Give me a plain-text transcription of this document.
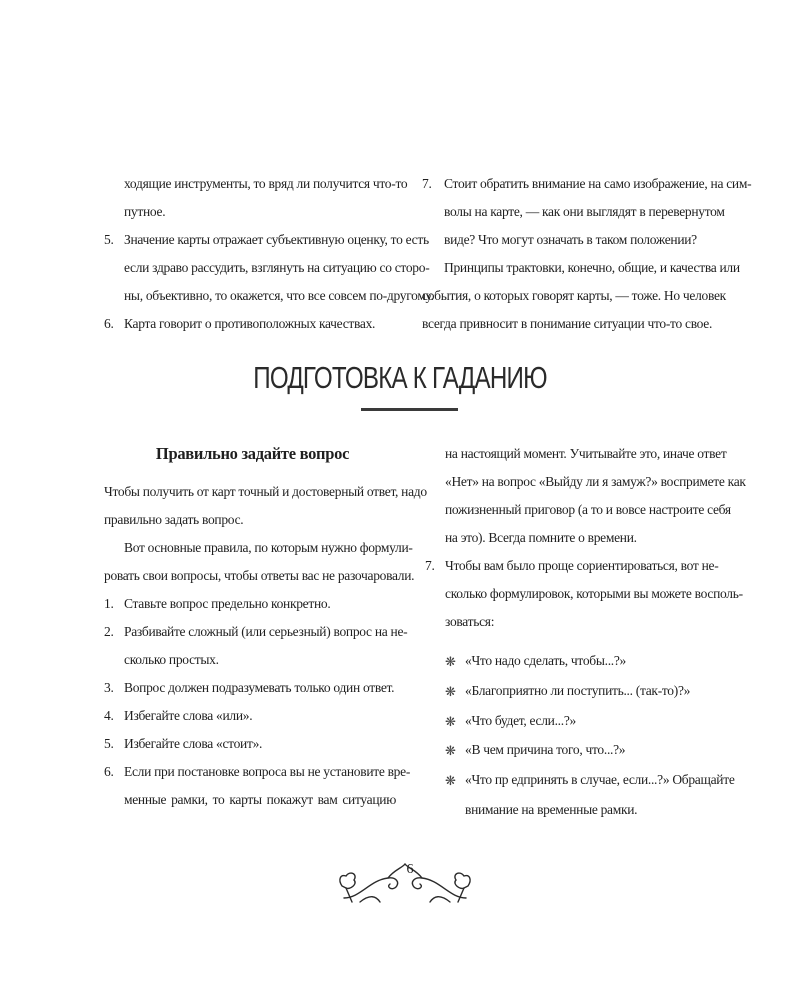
ходящие инструменты, то вряд ли получится что-то
путное.
5. Значение карты отражает субъективную оценку, то есть
если здраво рассудить, взглянуть на ситуацию со сторо-
ны, объективно, то окажется, что все совсем по-другому.
6. Карта говорит о противоположных качествах.
7. Стоит обратить внимание на само изображение, на сим-
волы на карте, — как они выглядят в перевернутом
виде? Что могут означать в таком положении?
Принципы трактовки, конечно, общие, и качества или
события, о которых говорят карты, — тоже. Но человек
всегда привносит в понимание ситуации что-то свое.
ПОДГОТОВКА К ГАДАНИЮ
Правильно задайте вопрос
Чтобы получить от карт точный и достоверный ответ, надо
правильно задать вопрос.
Вот основные правила, по которым нужно формули-
ровать свои вопросы, чтобы ответы вас не разочаровали.
1. Ставьте вопрос предельно конкретно.
2. Разбивайте сложный (или серьезный) вопрос на не-
сколько простых.
3. Вопрос должен подразумевать только один ответ.
4. Избегайте слова «или».
5. Избегайте слова «стоит».
6. Если при постановке вопроса вы не установите вре-
менные рамки, то карты покажут вам ситуацию
на настоящий момент. Учитывайте это, иначе ответ
«Нет» на вопрос «Выйду ли я замуж?» воспримете как
пожизненный приговор (а то и вовсе настроите себя
на это). Всегда помните о времени.
7. Чтобы вам было проще сориентироваться, вот не-
сколько формулировок, которыми вы можете восполь-
зоваться:
❋ «Что надо сделать, чтобы...?»
❋ «Благоприятно ли поступить... (так-то)?»
❋ «Что будет, если...?»
❋ «В чем причина того, что...?»
❋ «Что пр едпринять в случае, если...?» Обращайте
внимание на временные рамки.
6
